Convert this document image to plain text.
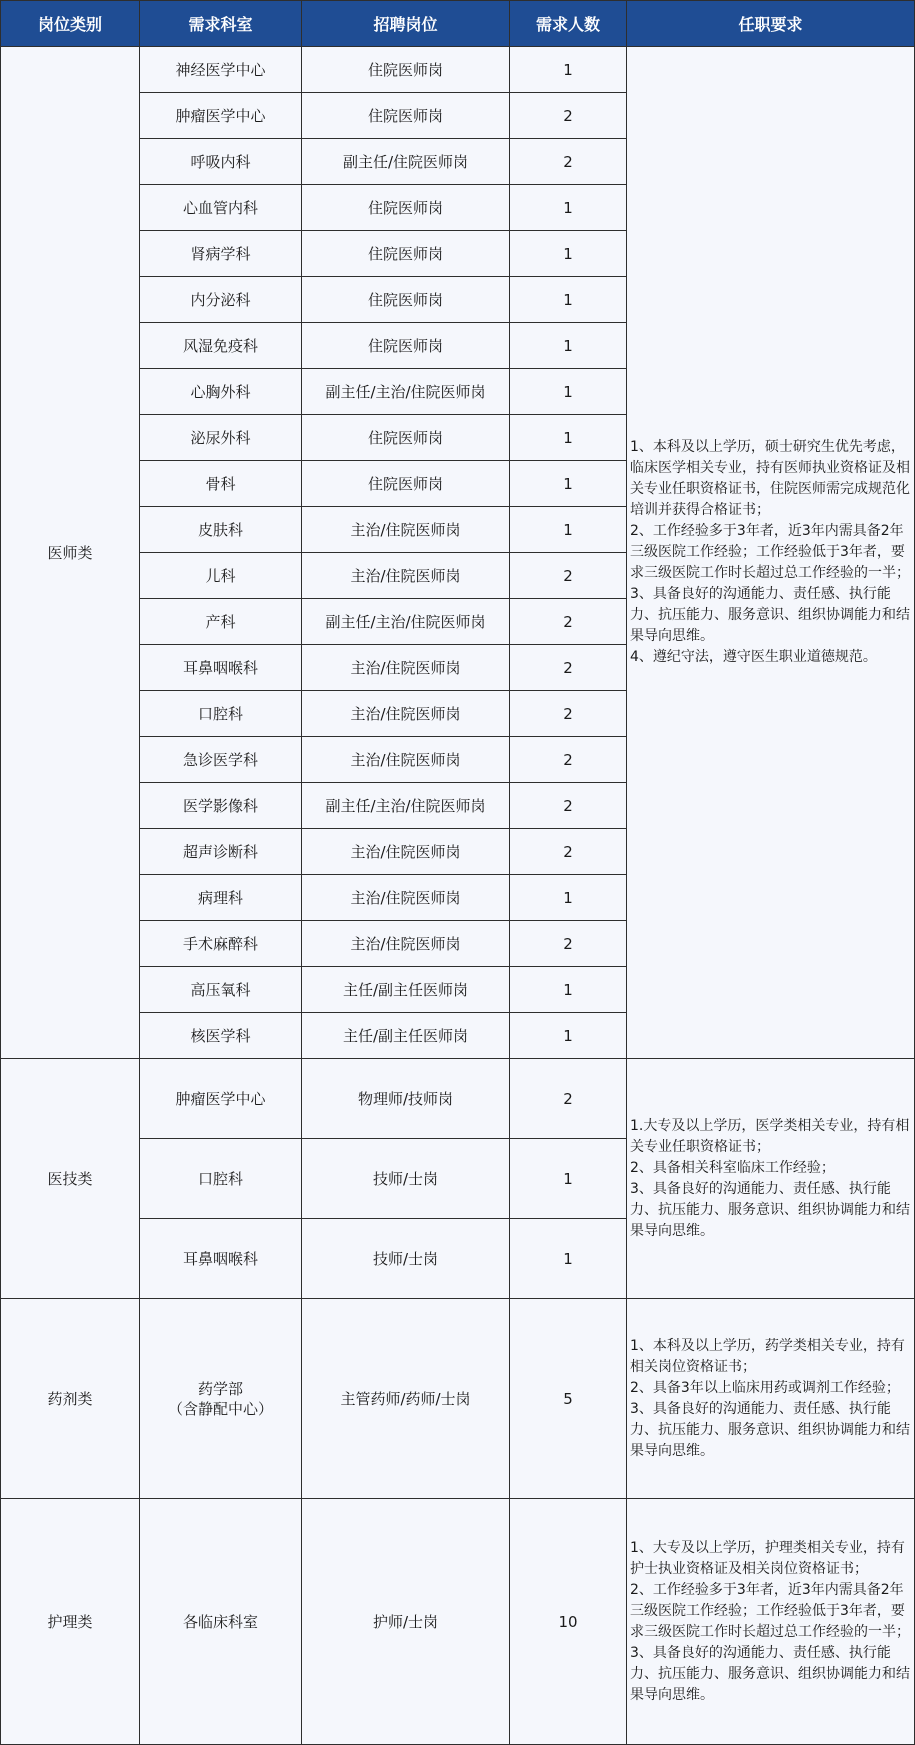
岗位类别	需求科室	招聘岗位	需求人数	任职要求
医师类	神经医学中心	住院医师岗	1	1、本科及以上学历，硕士研究生优先考虑，临床医学相关专业，持有医师执业资格证及相关专业任职资格证书，住院医师需完成规范化培训并获得合格证书；
2、工作经验多于3年者，近3年内需具备2年三级医院工作经验；工作经验低于3年者，要求三级医院工作时长超过总工作经验的一半；
3、具备良好的沟通能力、责任感、执行能力、抗压能力、服务意识、组织协调能力和结果导向思维。
4、遵纪守法，遵守医生职业道德规范。
	肿瘤医学中心	住院医师岗	2	
	呼吸内科	副主任/住院医师岗	2	
	心血管内科	住院医师岗	1	
	肾病学科	住院医师岗	1	
	内分泌科	住院医师岗	1	
	风湿免疫科	住院医师岗	1	
	心胸外科	副主任/主治/住院医师岗	1	
	泌尿外科	住院医师岗	1	
	骨科	住院医师岗	1	
	皮肤科	主治/住院医师岗	1	
	儿科	主治/住院医师岗	2	
	产科	副主任/主治/住院医师岗	2	
	耳鼻咽喉科	主治/住院医师岗	2	
	口腔科	主治/住院医师岗	2	
	急诊医学科	主治/住院医师岗	2	
	医学影像科	副主任/主治/住院医师岗	2	
	超声诊断科	主治/住院医师岗	2	
	病理科	主治/住院医师岗	1	
	手术麻醉科	主治/住院医师岗	2	
	高压氧科	主任/副主任医师岗	1	
	核医学科	主任/副主任医师岗	1	
医技类	肿瘤医学中心	物理师/技师岗	2	1.大专及以上学历，医学类相关专业，持有相关专业任职资格证书；
2、具备相关科室临床工作经验；
3、具备良好的沟通能力、责任感、执行能力、抗压能力、服务意识、组织协调能力和结果导向思维。
	口腔科	技师/士岗	1	
	耳鼻咽喉科	技师/士岗	1	
药剂类	药学部
（含静配中心）	主管药师/药师/士岗	5	1、本科及以上学历，药学类相关专业，持有相关岗位资格证书；
2、具备3年以上临床用药或调剂工作经验；
3、具备良好的沟通能力、责任感、执行能力、抗压能力、服务意识、组织协调能力和结果导向思维。
护理类	各临床科室	护师/士岗	10	1、大专及以上学历，护理类相关专业，持有护士执业资格证及相关岗位资格证书；
2、工作经验多于3年者，近3年内需具备2年三级医院工作经验；工作经验低于3年者，要求三级医院工作时长超过总工作经验的一半；
3、具备良好的沟通能力、责任感、执行能力、抗压能力、服务意识、组织协调能力和结果导向思维。
